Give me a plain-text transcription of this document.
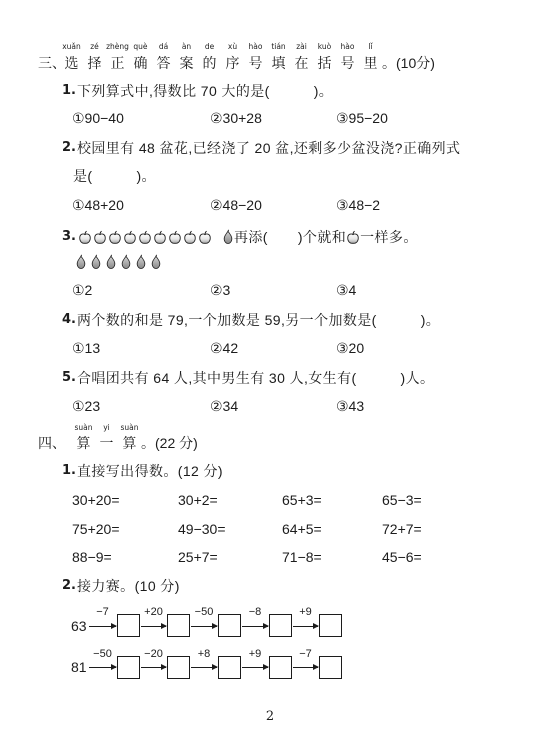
xuǎn	zé zhèng què	dá	àn	de	xù	hào	tián	zài	kuò	hào	lǐ
三、
选 择 正 确 答 案 的 序 号 填 在 括 号 里 。(10分)
1. 下列算式中,得数比 70 大的是(	)。
①90−40	②30+28	③95−20
2. 校园里有 48 盆花,已经浇了 20 盆,还剩多少盆没浇?正确列式
是(	)。
①48+20	②48−20	③48−2
3.	再添( )个就和 一样多。
①2	②3	③4
4. 两个数的和是 79,一个加数是 59,另一个加数是(	)。
①13	②42	③20
5. 合唱团共有 64 人,其中男生有 30 人,女生有(	)人。
①23	②34	③43
suàn	yi	suàn
四、 算 一 算 。(22 分)
1. 直接写出得数。(12 分)
30+20=	30+2=	65+3=	65−3=
75+20=	49−30=	64+5=	72+7=
88−9=	25+7=	71−8=	45−6=
2. 接力赛。(10 分)
63
−7	+20	−50	−8	+9
81
−50	−20	+8	+9	−7
2
